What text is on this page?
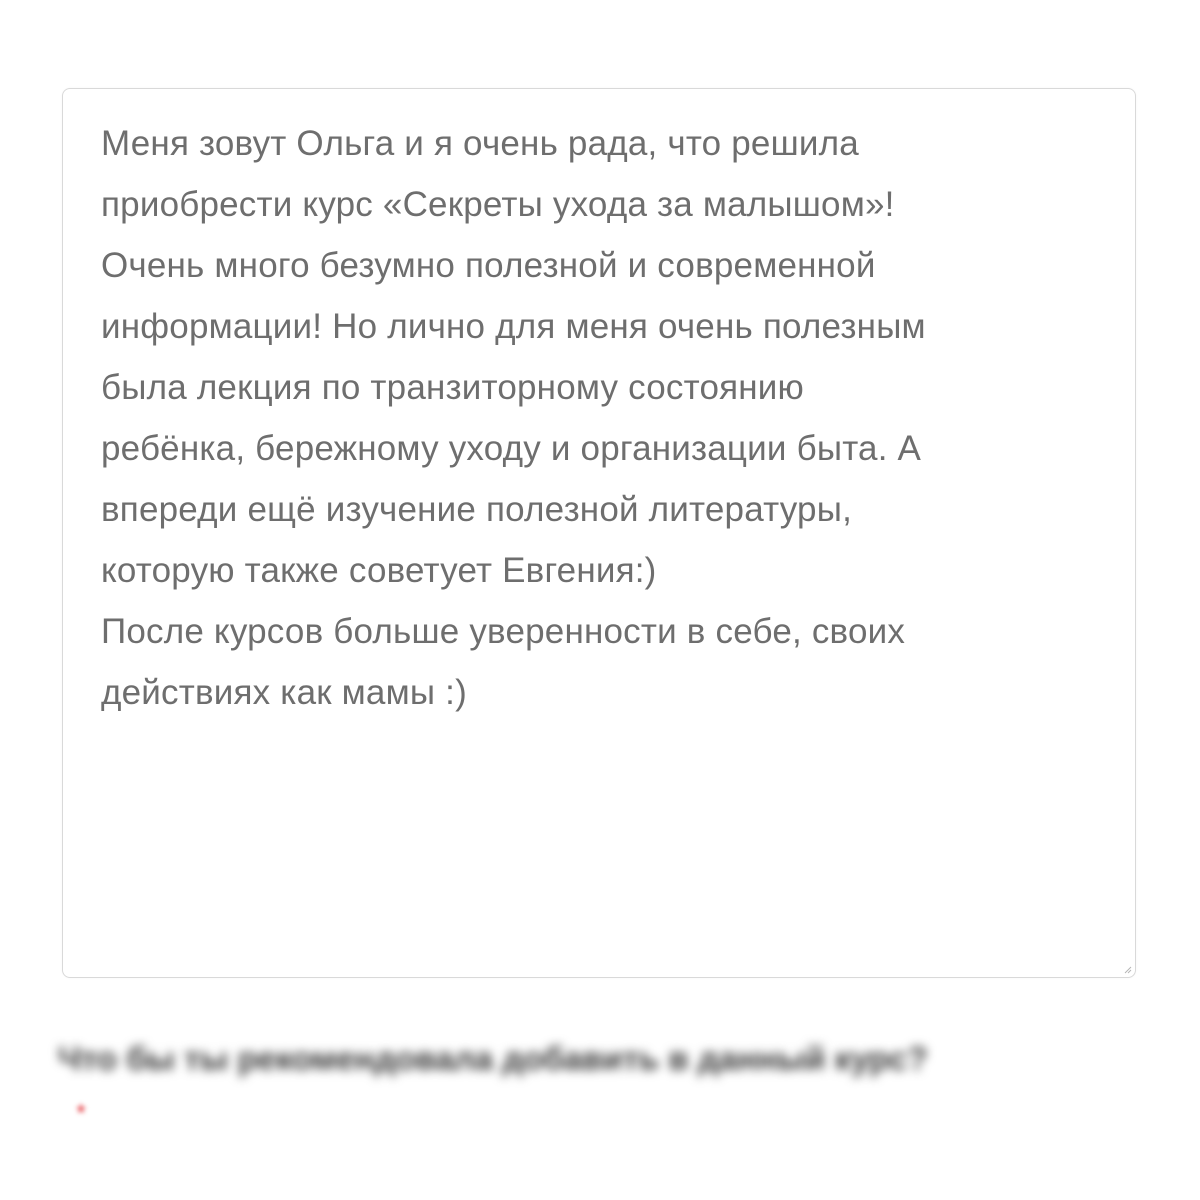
Меня зовут Ольга и я очень рада, что решила
приобрести курс «Секреты ухода за малышом»!
Очень много безумно полезной и современной
информации! Но лично для меня очень полезным
была лекция по транзиторному состоянию
ребёнка, бережному уходу и организации быта. А
впереди ещё изучение полезной литературы,
которую также советует Евгения:)
После курсов больше уверенности в себе, своих
действиях как мамы :)

Что бы ты рекомендовала добавить в данный курс?

*
